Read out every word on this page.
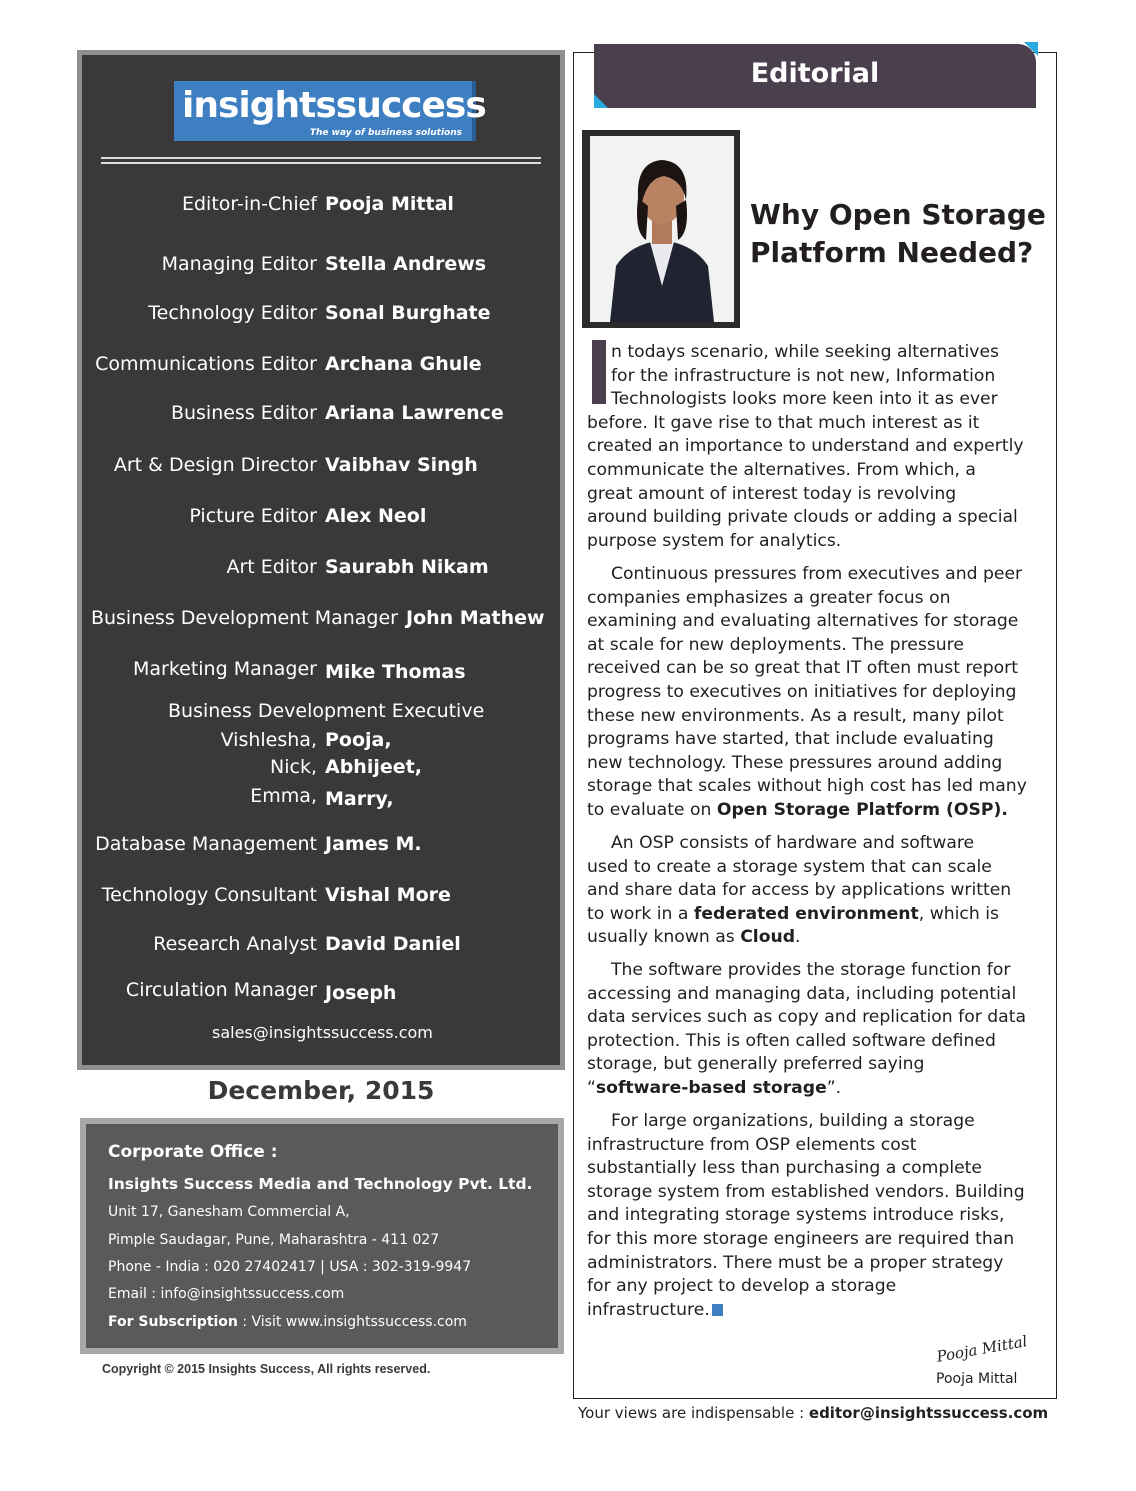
insightssuccess
The way of business solutions
Editor-in-Chief Pooja Mittal
Managing Editor Stella Andrews
Technology Editor Sonal Burghate
Communications Editor Archana Ghule
Business Editor Ariana Lawrence
Art & Design Director Vaibhav Singh
Picture Editor Alex Neol
Art Editor Saurabh Nikam
Business Development Manager John Mathew
Marketing Manager Mike Thomas
Business Development Executive
Vishlesha, Pooja,
Nick, Abhijeet,
Emma, Marry,
Database Management James M.
Technology Consultant Vishal More
Research Analyst David Daniel
Circulation Manager Joseph
sales@insightssuccess.com
December, 2015
Corporate Office :
Insights Success Media and Technology Pvt. Ltd.
Unit 17, Ganesham Commercial A,
Pimple Saudagar, Pune, Maharashtra - 411 027
Phone - India : 020 27402417 | USA : 302-319-9947
Email : info@insightssuccess.com
For Subscription : Visit www.insightssuccess.com
Copyright © 2015 Insights Success, All rights reserved.
Editorial
Why Open Storage
Platform Needed?
n todays scenario, while seeking alternatives
for the infrastructure is not new, Information
Technologists looks more keen into it as ever
before. It gave rise to that much interest as it
created an importance to understand and expertly
communicate the alternatives. From which, a
great amount of interest today is revolving
around building private clouds or adding a special
purpose system for analytics.
Continuous pressures from executives and peer
companies emphasizes a greater focus on
examining and evaluating alternatives for storage
at scale for new deployments. The pressure
received can be so great that IT often must report
progress to executives on initiatives for deploying
these new environments. As a result, many pilot
programs have started, that include evaluating
new technology. These pressures around adding
storage that scales without high cost has led many
to evaluate on Open Storage Platform (OSP).
An OSP consists of hardware and software
used to create a storage system that can scale
and share data for access by applications written
to work in a federated environment, which is
usually known as Cloud.
The software provides the storage function for
accessing and managing data, including potential
data services such as copy and replication for data
protection. This is often called software defined
storage, but generally preferred saying
“software-based storage”.
For large organizations, building a storage
infrastructure from OSP elements cost
substantially less than purchasing a complete
storage system from established vendors. Building
and integrating storage systems introduce risks,
for this more storage engineers are required than
administrators. There must be a proper strategy
for any project to develop a storage
infrastructure.
Pooja Mittal
Pooja Mittal
Your views are indispensable : editor@insightssuccess.com
